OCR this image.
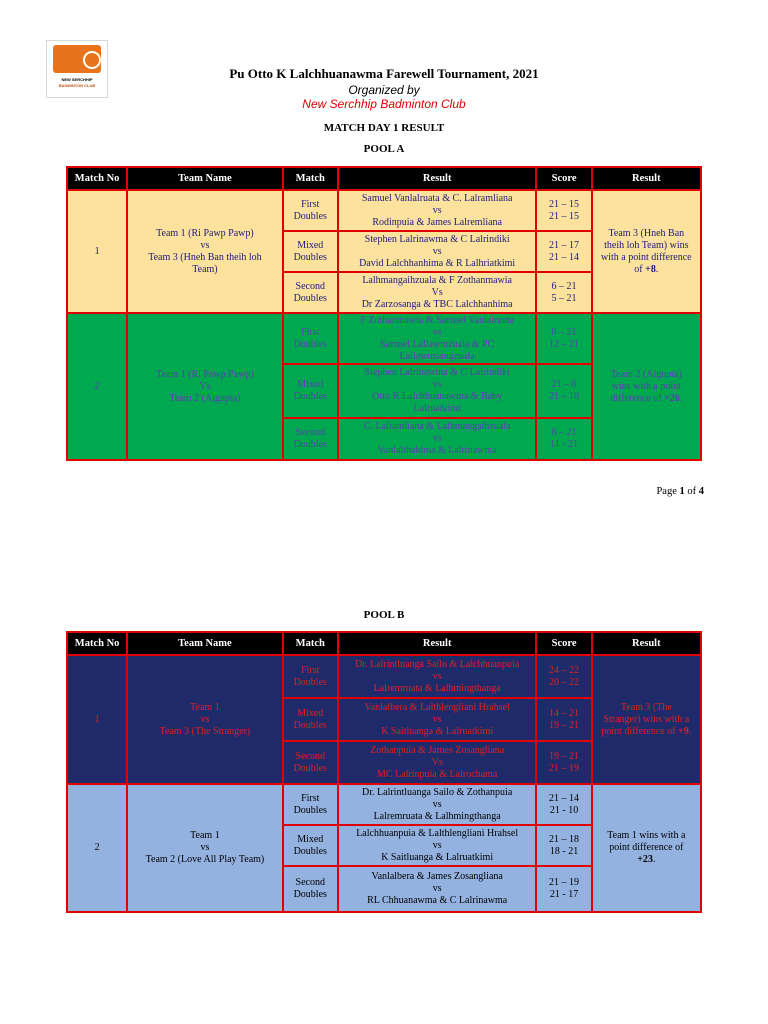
NEW SERCHHIP
BADMINTON CLUB
Pu Otto K Lalchhuanawma Farewell Tournament, 2021
Organized by
New Serchhip Badminton Club
MATCH DAY 1 RESULT
POOL A
Match No	Team Name	Match	Result	Score	Result
1	Team 1 (Ri Pawp Pawp)
vs
Team 3 (Hneh Ban theih loh
Team)	First
Doubles	Samuel Vanlalruata & C. Lalramliana
vs
Rodinpuia & James Lalremliana	21 – 15
21 – 15	Team 3 (Hneh Ban
theih loh Team) wins
with a point difference
of +8.

		Mixed
Doubles	Stephen Lalrinawma & C Lalrindiki
vs
David Lalchhanhima & R Lalhriatkimi	21 – 17
21 – 14	

		Second
Doubles	Lalhmangaihzuala & F Zothanmawia
Vs
Dr Zarzosanga & TBC Lalchhanhima	6 – 21
5 – 21	

2	Team 1 (Ri Pawp Pawp)
Vs
Team 2 (Aigupta)	First
Doubles	F Zothanmawia & Samuel Vanlalruata
vs
Samuel Lallawmzuala & PC
Lallawmsangzuala	8 – 21
12 – 21	Team 2 (Aigupta)
wins with a point
difference of +26.

		Mixed
Doubles	Stephen Lalrinawma & C Lalrindiki
vs
Otto K Lalchhuanawma & Baby
Lalruatkimi	21 – 6
21 – 18	

		Second
Doubles	C. Lalramliana & Lalhmangaihzuala
vs
Vanlalthakima & Lalrinawma	8 – 21
11 - 21	
Page 1 of 4
POOL B
Match No	Team Name	Match	Result	Score	Result
1	Team 1
vs
Team 3 (The Stranger)	First
Doubles	Dr. Lalrintluanga Sailo & Lalchhuanpuia
vs
Lalremruata & Lalhmingthanga	24 – 22
20 – 22	Team 3 (The
Stranger) wins with a
point difference of +9.

		Mixed
Doubles	Vanlalbera & Lalthlengliani Hrahsel
vs
K Saitluanga & Lalruatkimi	14 – 21
19 – 21	

		Second
Doubles	Zothanpuia & James Zosangliana
Vs
MC Lalrinpuia & Lalrochama	19 – 21
21 – 19	

2	Team 1
vs
Team 2 (Love All Play Team)	First
Doubles	Dr. Lalrintluanga Sailo & Zothanpuia
vs
Lalremruata & Lalhmingthanga	21 – 14
21 - 10	Team 1 wins with a
point difference of
+23.

		Mixed
Doubles	Lalchhuanpuia & Lalthlengliani Hrahsel
vs
K Saitluanga & Lalruatkimi	21 – 18
18 - 21	

		Second
Doubles	Vanlalbera & James Zosangliana
vs
RL Chhuanawma & C Lalrinawma	21 – 19
21 - 17	
